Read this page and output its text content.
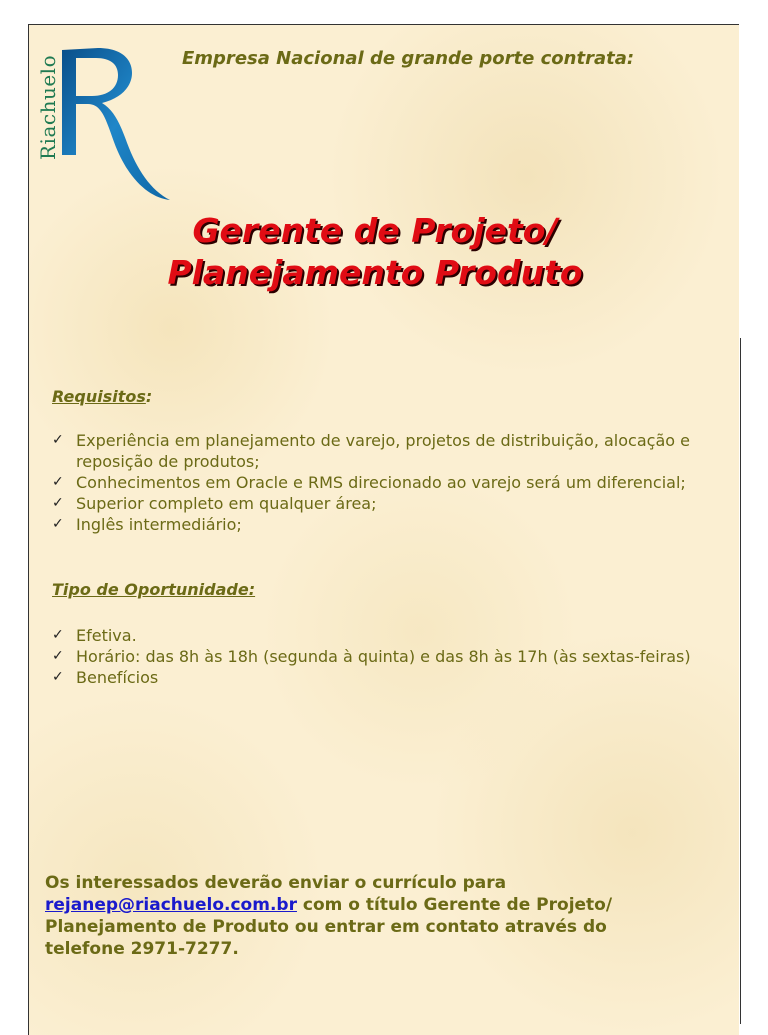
Riachuelo	Empresa Nacional de grande porte contrata:
Gerente de Projeto/
Planejamento Produto
Requisitos:
✓ Experiência em planejamento de varejo, projetos de distribuição, alocação e reposição de produtos;
✓ Conhecimentos em Oracle e RMS direcionado ao varejo será um diferencial;
✓ Superior completo em qualquer área;
✓ Inglês intermediário;
Tipo de Oportunidade:
✓ Efetiva.
✓ Horário: das 8h às 18h (segunda à quinta) e das 8h às 17h (às sextas-feiras)
✓ Benefícios
Os interessados deverão enviar o currículo para
rejanep@riachuelo.com.br com o título Gerente de Projeto/ Planejamento de Produto ou entrar em contato através do telefone 2971-7277.
